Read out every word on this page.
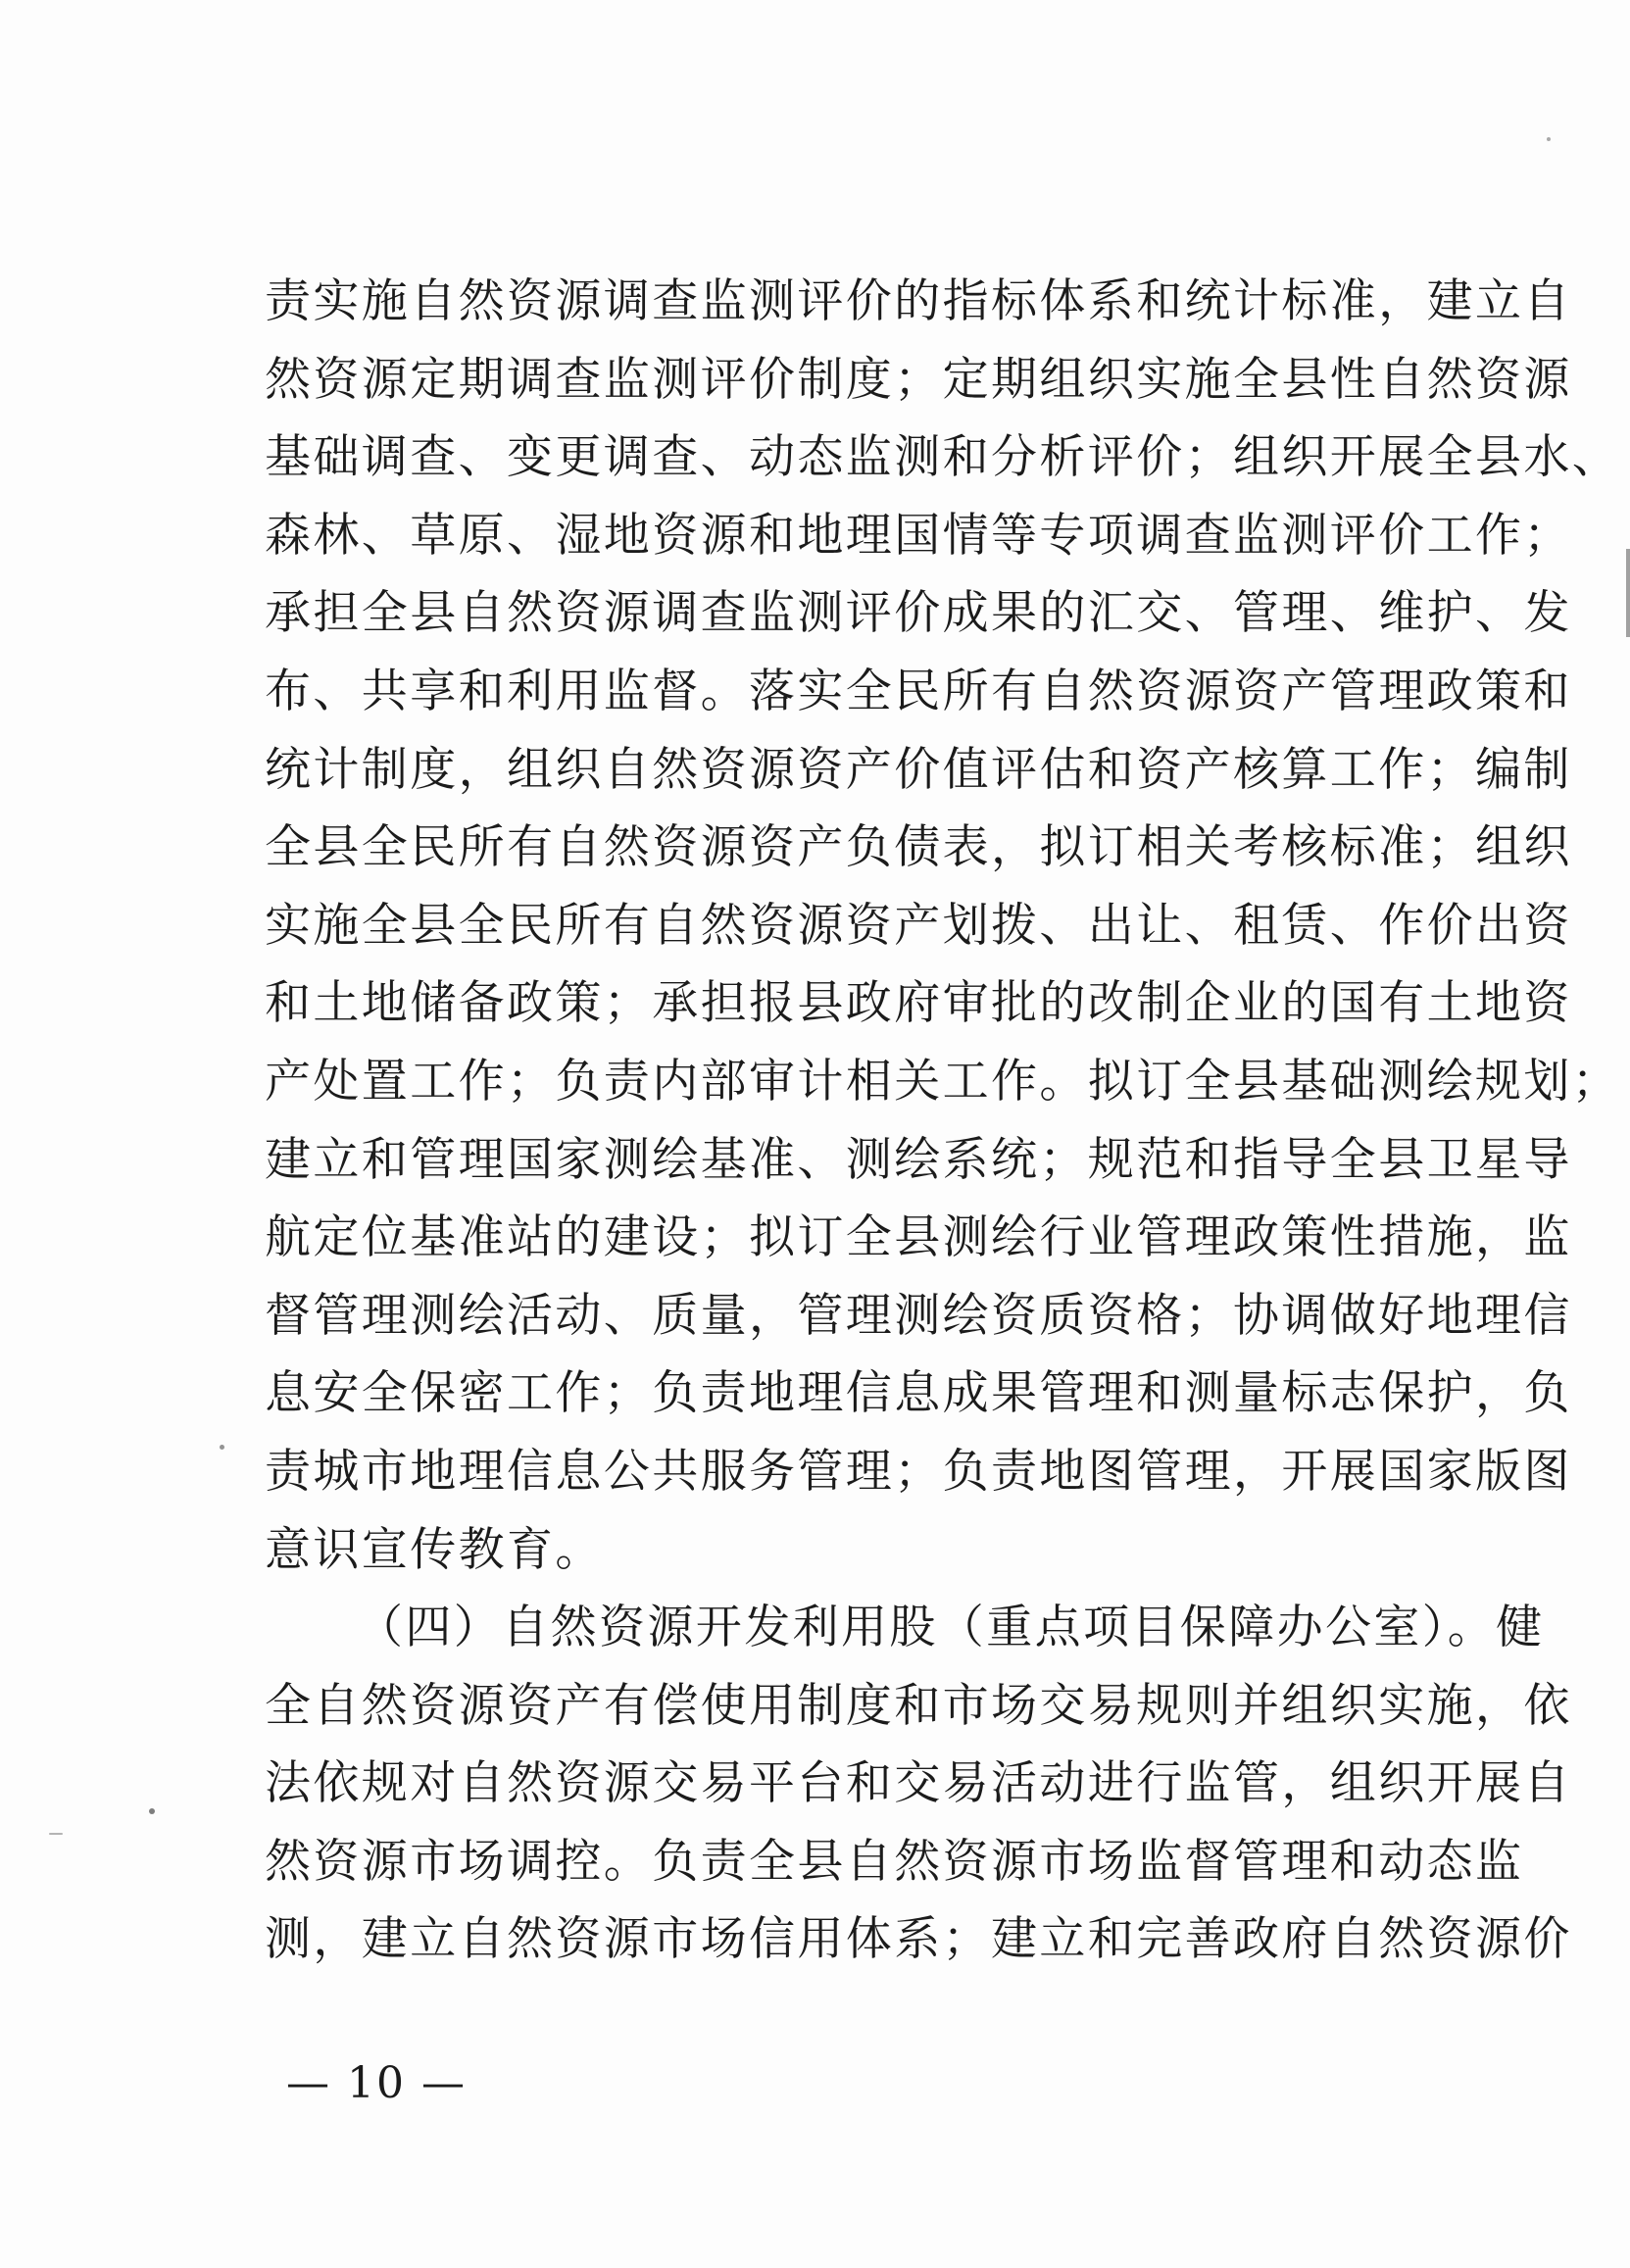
责实施自然资源调查监测评价的指标体系和统计标准，建立自
然资源定期调查监测评价制度；定期组织实施全县性自然资源
基础调查、变更调查、动态监测和分析评价；组织开展全县水、
森林、草原、湿地资源和地理国情等专项调查监测评价工作；
承担全县自然资源调查监测评价成果的汇交、管理、维护、发
布、共享和利用监督。落实全民所有自然资源资产管理政策和
统计制度，组织自然资源资产价值评估和资产核算工作；编制
全县全民所有自然资源资产负债表，拟订相关考核标准；组织
实施全县全民所有自然资源资产划拨、出让、租赁、作价出资
和土地储备政策；承担报县政府审批的改制企业的国有土地资
产处置工作；负责内部审计相关工作。拟订全县基础测绘规划；
建立和管理国家测绘基准、测绘系统；规范和指导全县卫星导
航定位基准站的建设；拟订全县测绘行业管理政策性措施，监
督管理测绘活动、质量，管理测绘资质资格；协调做好地理信
息安全保密工作；负责地理信息成果管理和测量标志保护，负
责城市地理信息公共服务管理；负责地图管理，开展国家版图
意识宣传教育。
（四）自然资源开发利用股（重点项目保障办公室）。健
全自然资源资产有偿使用制度和市场交易规则并组织实施，依
法依规对自然资源交易平台和交易活动进行监管，组织开展自
然资源市场调控。负责全县自然资源市场监督管理和动态监
测，建立自然资源市场信用体系；建立和完善政府自然资源价
— 10 —
